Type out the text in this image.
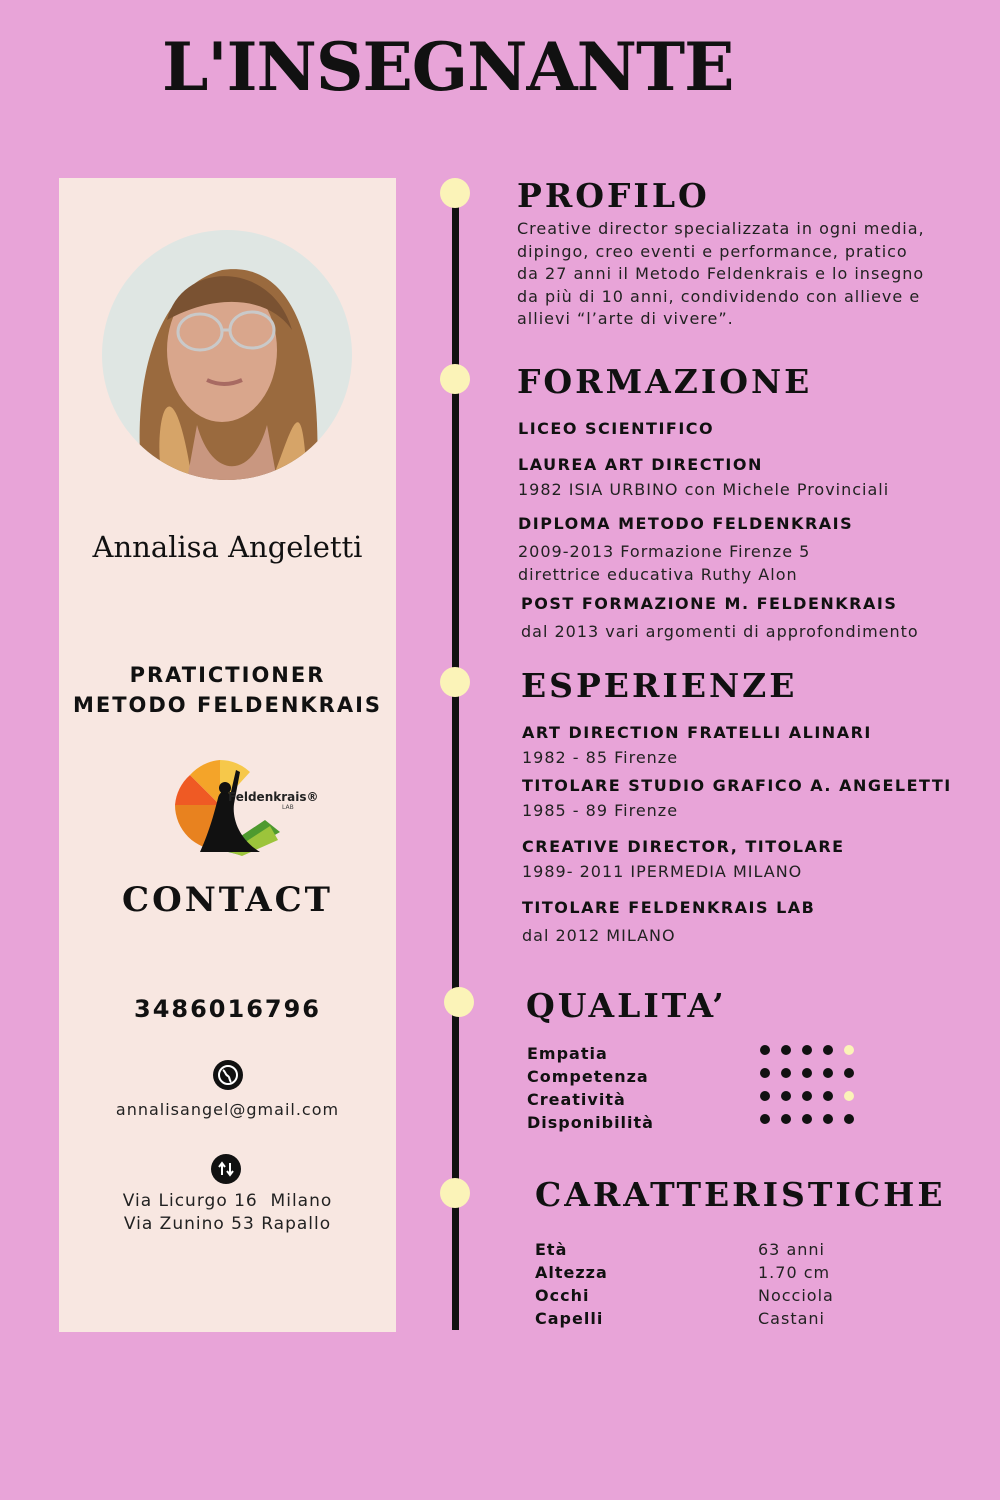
L'INSEGNANTE
Annalisa Angeletti
PRATICTIONER
METODO FELDENKRAIS
Feldenkrais®
LAB
CONTACT
3486016796
annalisangel@gmail.com
Via Licurgo 16  Milano
Via Zunino 53 Rapallo
PROFILO
Creative director specializzata in ogni media,
dipingo, creo eventi e performance, pratico
da 27 anni il Metodo Feldenkrais e lo insegno
da più di 10 anni, condividendo con allieve e
allievi “l’arte di vivere”.
FORMAZIONE
LICEO SCIENTIFICO
LAUREA ART DIRECTION
1982 ISIA URBINO con Michele Provinciali
DIPLOMA METODO FELDENKRAIS
2009-2013 Formazione Firenze 5
direttrice educativa Ruthy Alon
POST FORMAZIONE M. FELDENKRAIS
dal 2013 vari argomenti di approfondimento
ESPERIENZE
ART DIRECTION FRATELLI ALINARI
1982 - 85 Firenze
TITOLARE STUDIO GRAFICO A. ANGELETTI
1985 - 89 Firenze
CREATIVE DIRECTOR, TITOLARE
1989- 2011 IPERMEDIA MILANO
TITOLARE FELDENKRAIS LAB
dal 2012 MILANO
QUALITA’
Empatia
Competenza
Creatività
Disponibilità
CARATTERISTICHE
Età
Altezza
Occhi
Capelli
63 anni
1.70 cm
Nocciola
Castani
